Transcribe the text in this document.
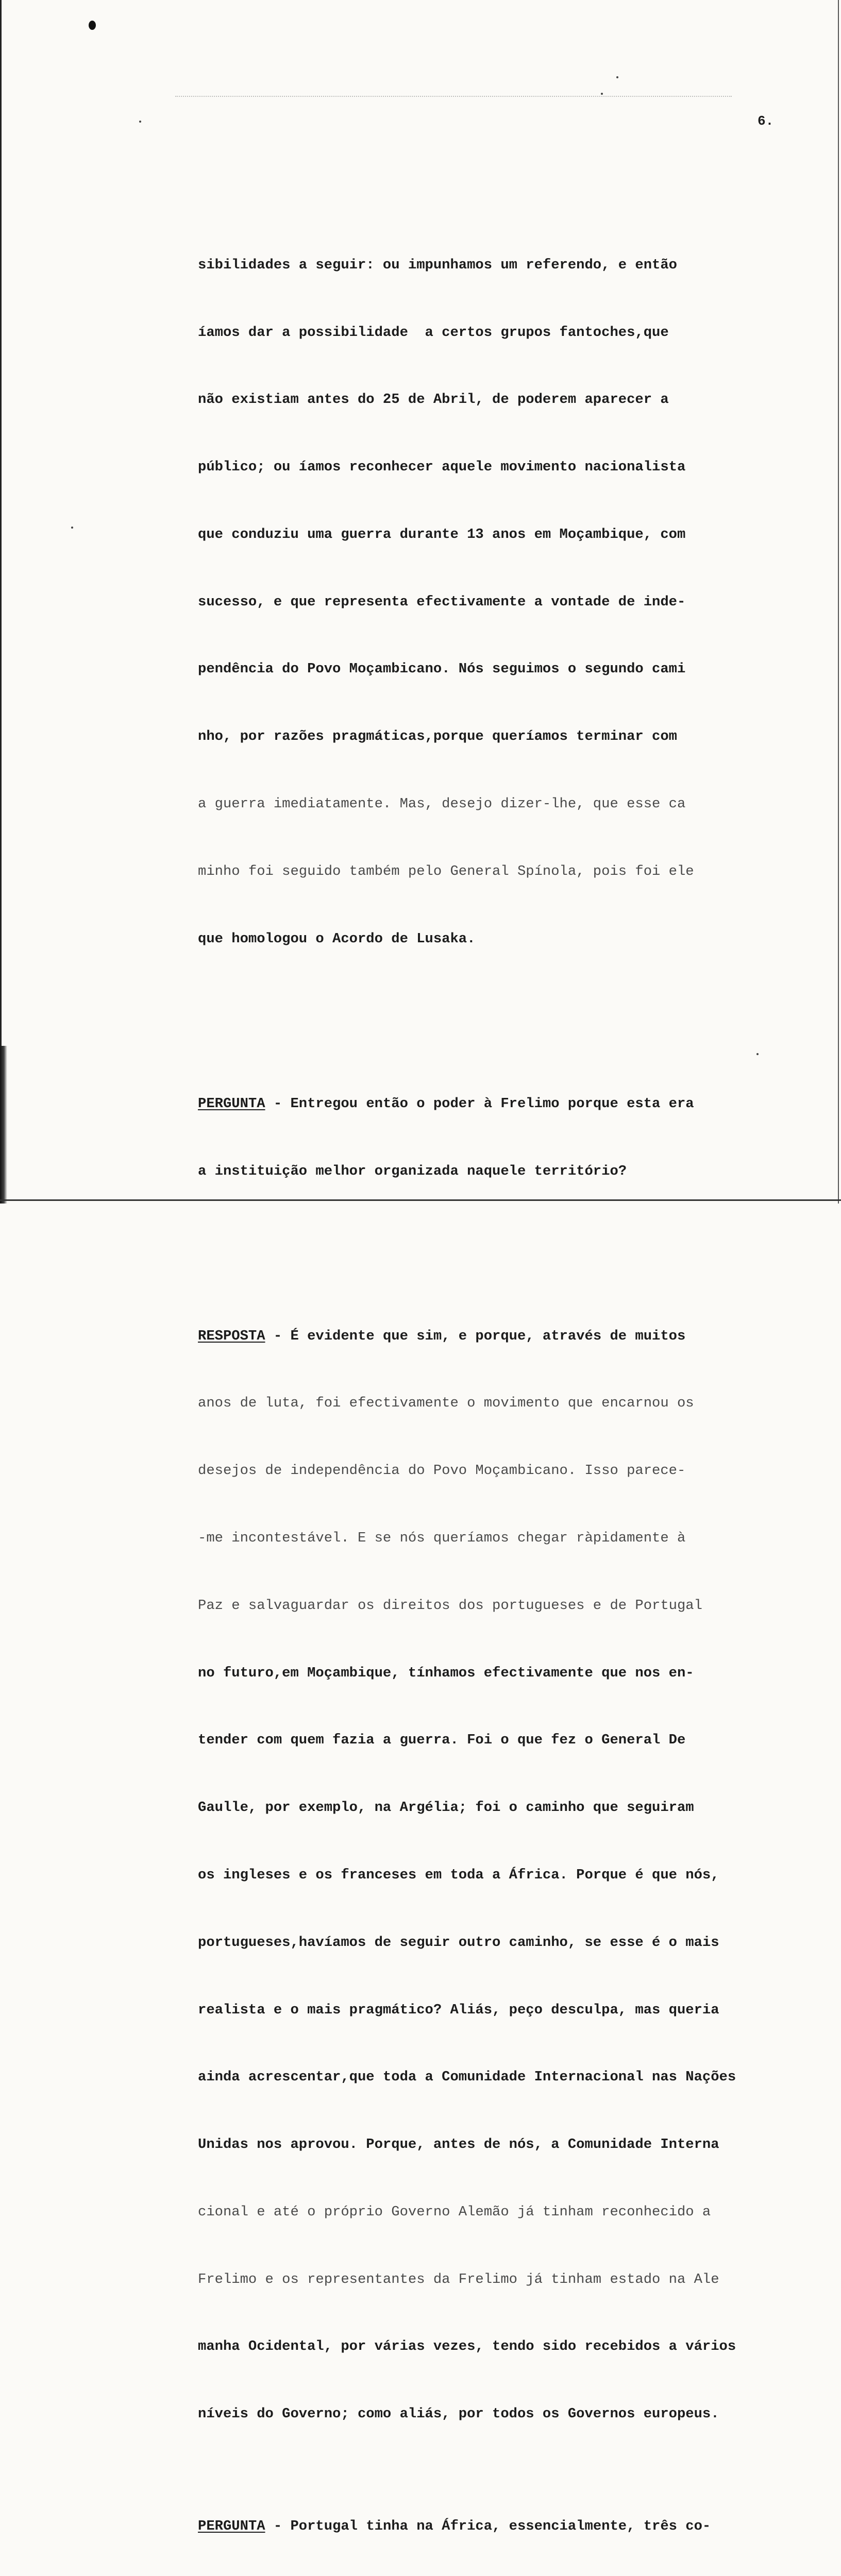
6.

sibilidades a seguir: ou impunhamos um referendo, e então

íamos dar a possibilidade  a certos grupos fantoches,que

não existiam antes do 25 de Abril, de poderem aparecer a

público; ou íamos reconhecer aquele movimento nacionalista

que conduziu uma guerra durante 13 anos em Moçambique, com

sucesso, e que representa efectivamente a vontade de inde-

pendência do Povo Moçambicano. Nós seguimos o segundo cami

nho, por razões pragmáticas,porque queríamos terminar com

a guerra imediatamente. Mas, desejo dizer-lhe, que esse ca

minho foi seguido também pelo General Spínola, pois foi ele

que homologou o Acordo de Lusaka.

PERGUNTA - Entregou então o poder à Frelimo porque esta era

a instituição melhor organizada naquele território?

RESPOSTA - É evidente que sim, e porque, através de muitos

anos de luta, foi efectivamente o movimento que encarnou os

desejos de independência do Povo Moçambicano. Isso parece-

-me incontestável. E se nós queríamos chegar ràpidamente à

Paz e salvaguardar os direitos dos portugueses e de Portugal

no futuro,em Moçambique, tínhamos efectivamente que nos en-

tender com quem fazia a guerra. Foi o que fez o General De

Gaulle, por exemplo, na Argélia; foi o caminho que seguiram

os ingleses e os franceses em toda a África. Porque é que nós,

portugueses,havíamos de seguir outro caminho, se esse é o mais

realista e o mais pragmático? Aliás, peço desculpa, mas queria

ainda acrescentar,que toda a Comunidade Internacional nas Nações

Unidas nos aprovou. Porque, antes de nós, a Comunidade Interna

cional e até o próprio Governo Alemão já tinham reconhecido a

Frelimo e os representantes da Frelimo já tinham estado na Ale

manha Ocidental, por várias vezes, tendo sido recebidos a vários

níveis do Governo; como aliás, por todos os Governos europeus.

PERGUNTA - Portugal tinha na África, essencialmente, três co-
